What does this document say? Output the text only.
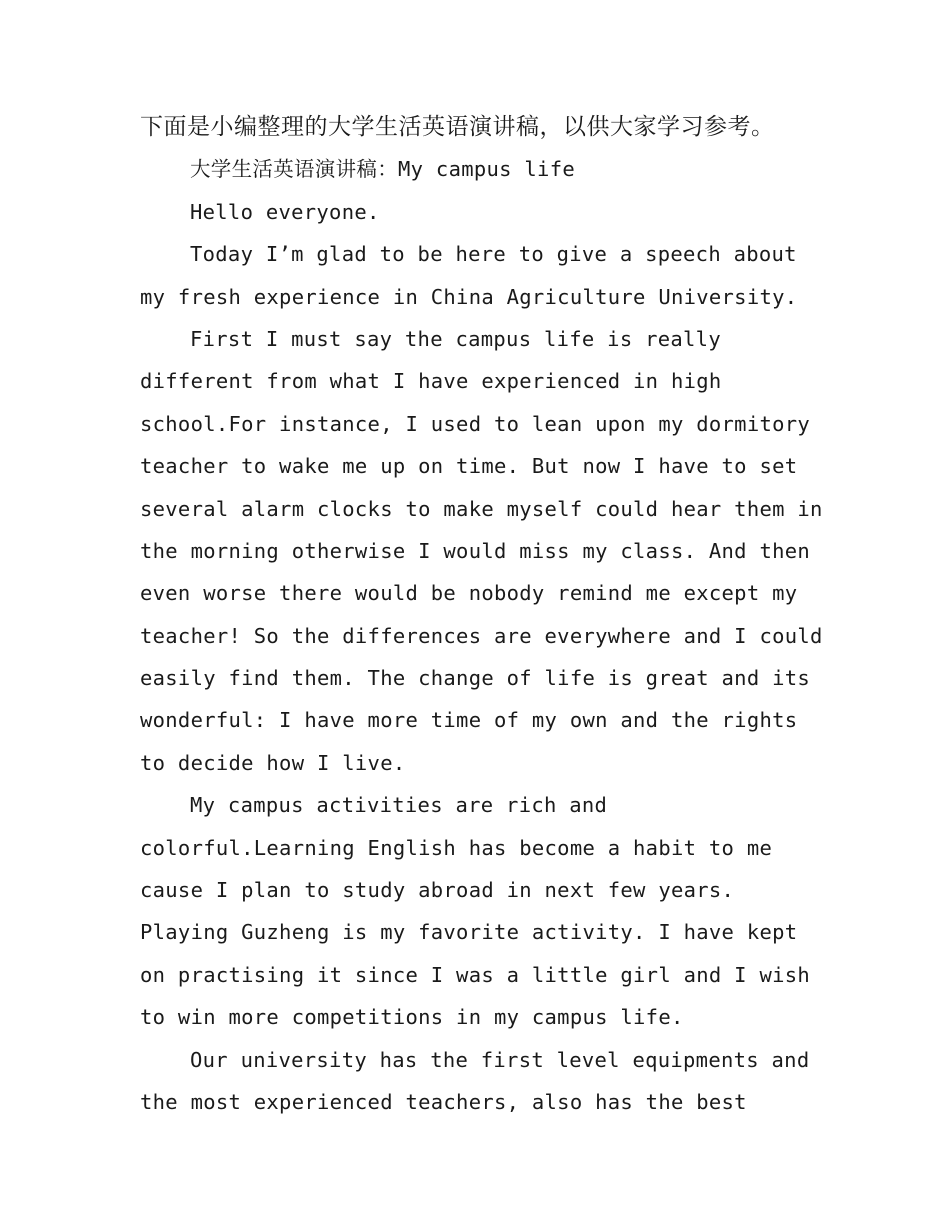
下面是小编整理的大学生活英语演讲稿，以供大家学习参考。
大学生活英语演讲稿：My campus life
Hello everyone.
Today I’m glad to be here to give a speech about
my fresh experience in China Agriculture University.
First I must say the campus life is really
different from what I have experienced in high
school.For instance, I used to lean upon my dormitory
teacher to wake me up on time. But now I have to set
several alarm clocks to make myself could hear them in
the morning otherwise I would miss my class. And then
even worse there would be nobody remind me except my
teacher! So the differences are everywhere and I could
easily find them. The change of life is great and its
wonderful: I have more time of my own and the rights
to decide how I live.
My campus activities are rich and
colorful.Learning English has become a habit to me
cause I plan to study abroad in next few years.
Playing Guzheng is my favorite activity. I have kept
on practising it since I was a little girl and I wish
to win more competitions in my campus life.
Our university has the first level equipments and
the most experienced teachers, also has the best
